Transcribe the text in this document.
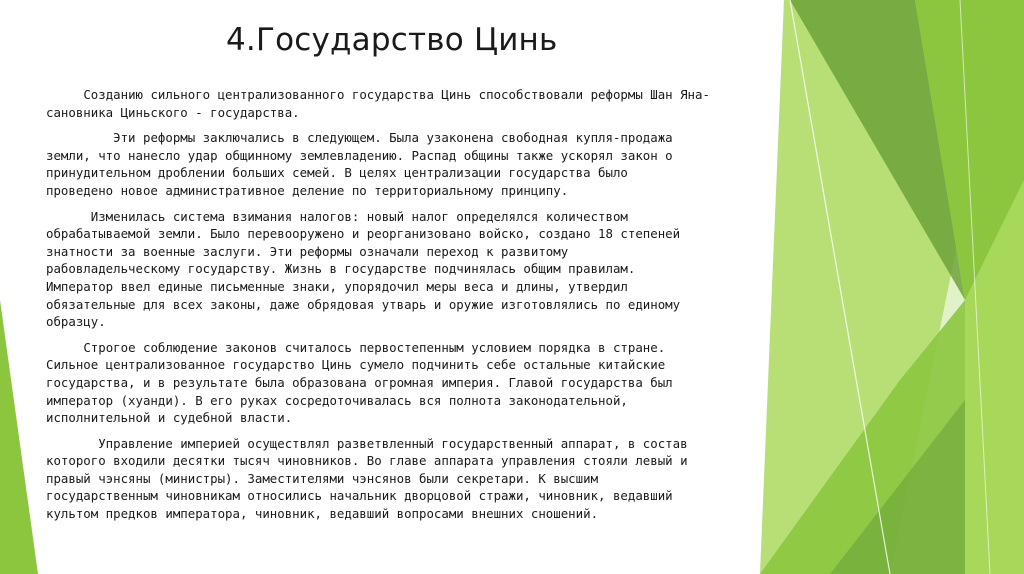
4.Государство Цинь

Созданию сильного централизованного государства Цинь способствовали реформы Шан Яна-
сановника Циньского - государства.

Эти реформы заключались в следующем. Была узаконена свободная купля-продажа
земли, что нанесло удар общинному землевладению. Распад общины также ускорял закон о
принудительном дроблении больших семей. В целях централизации государства было
проведено новое административное деление по территориальному принципу.

Изменилась система взимания налогов: новый налог определялся количеством
обрабатываемой земли. Было перевооружено и реорганизовано войско, создано 18 степеней
знатности за военные заслуги. Эти реформы означали переход к развитому
рабовладельческому государству. Жизнь в государстве подчинялась общим правилам.
Император ввел единые письменные знаки, упорядочил меры веса и длины, утвердил
обязательные для всех законы, даже обрядовая утварь и оружие изготовлялись по единому
образцу.

Строгое соблюдение законов считалось первостепенным условием порядка в стране.
Сильное централизованное государство Цинь сумело подчинить себе остальные китайские
государства, и в результате была образована огромная империя. Главой государства был
император (хуанди). В его руках сосредоточивалась вся полнота законодательной,
исполнительной и судебной власти.

Управление империей осуществлял разветвленный государственный аппарат, в состав
которого входили десятки тысяч чиновников. Во главе аппарата управления стояли левый и
правый чэнсяны (министры). Заместителями чэнсянов были секретари. К высшим
государственным чиновникам относились начальник дворцовой стражи, чиновник, ведавший
культом предков императора, чиновник, ведавший вопросами внешних сношений.
